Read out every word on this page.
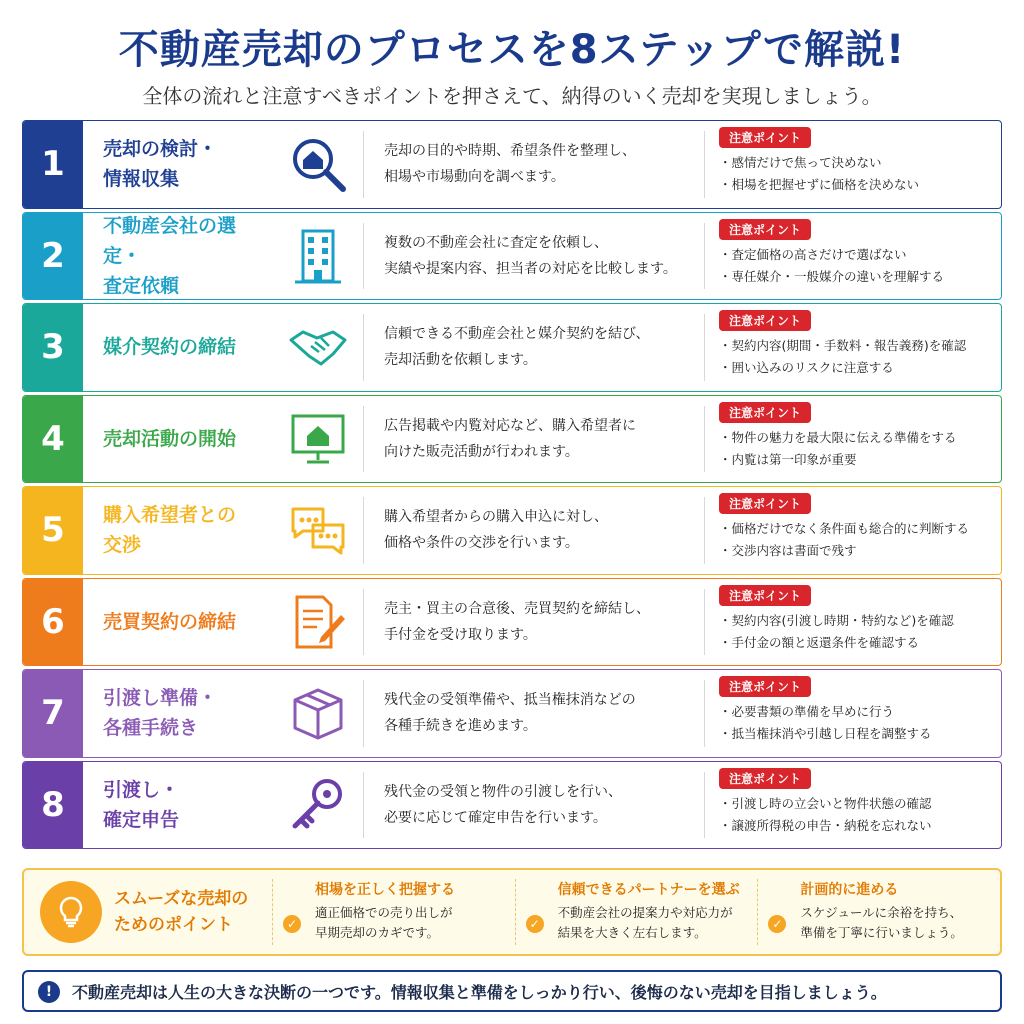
不動産売却のプロセスを8ステップで解説!
全体の流れと注意すべきポイントを押さえて、納得のいく売却を実現しましょう。
1	売却の検討・
情報収集
売却の目的や時期、希望条件を整理し、
相場や市場動向を調べます。
注意ポイント
・ 感情だけで焦って決めない
・ 相場を把握せずに価格を決めない
2
不動産会社の選定・
査定依頼
複数の不動産会社に査定を依頼し、
実績や提案内容、担当者の対応を比較します。
注意ポイント
・ 査定価格の高さだけで選ばない
・ 専任媒介・一般媒介の違いを理解する
3	媒介契約の締結
信頼できる不動産会社と媒介契約を結び、
売却活動を依頼します。
注意ポイント
・ 契約内容(期間・手数料・報告義務)を確認
・ 囲い込みのリスクに注意する
4	売却活動の開始
広告掲載や内覧対応など、購入希望者に
向けた販売活動が行われます。
注意ポイント
・ 物件の魅力を最大限に伝える準備をする
・ 内覧は第一印象が重要
5	購入希望者との
交渉
購入希望者からの購入申込に対し、
価格や条件の交渉を行います。
注意ポイント
・ 価格だけでなく条件面も総合的に判断する
・ 交渉内容は書面で残す
6	売買契約の締結
売主・買主の合意後、売買契約を締結し、
手付金を受け取ります。
注意ポイント
・ 契約内容(引渡し時期・特約など)を確認
・ 手付金の額と返還条件を確認する
7	引渡し準備・
各種手続き
残代金の受領準備や、抵当権抹消などの
各種手続きを進めます。
注意ポイント
・ 必要書類の準備を早めに行う
・ 抵当権抹消や引越し日程を調整する
8	引渡し・
確定申告
残代金の受領と物件の引渡しを行い、
必要に応じて確定申告を行います。
注意ポイント
・ 引渡し時の立会いと物件状態の確認
・ 譲渡所得税の申告・納税を忘れない
スムーズな売却の
ためのポイント
相場を正しく把握する
✓
適正価格での売り出しが
早期売却のカギです。
信頼できるパートナーを選ぶ
✓
不動産会社の提案力や対応力が
結果を大きく左右します。
計画的に進める
✓
スケジュールに余裕を持ち、
準備を丁寧に行いましょう。
!	不動産売却は人生の大きな決断の一つです。情報収集と準備をしっかり行い、後悔のない売却を目指しましょう。
